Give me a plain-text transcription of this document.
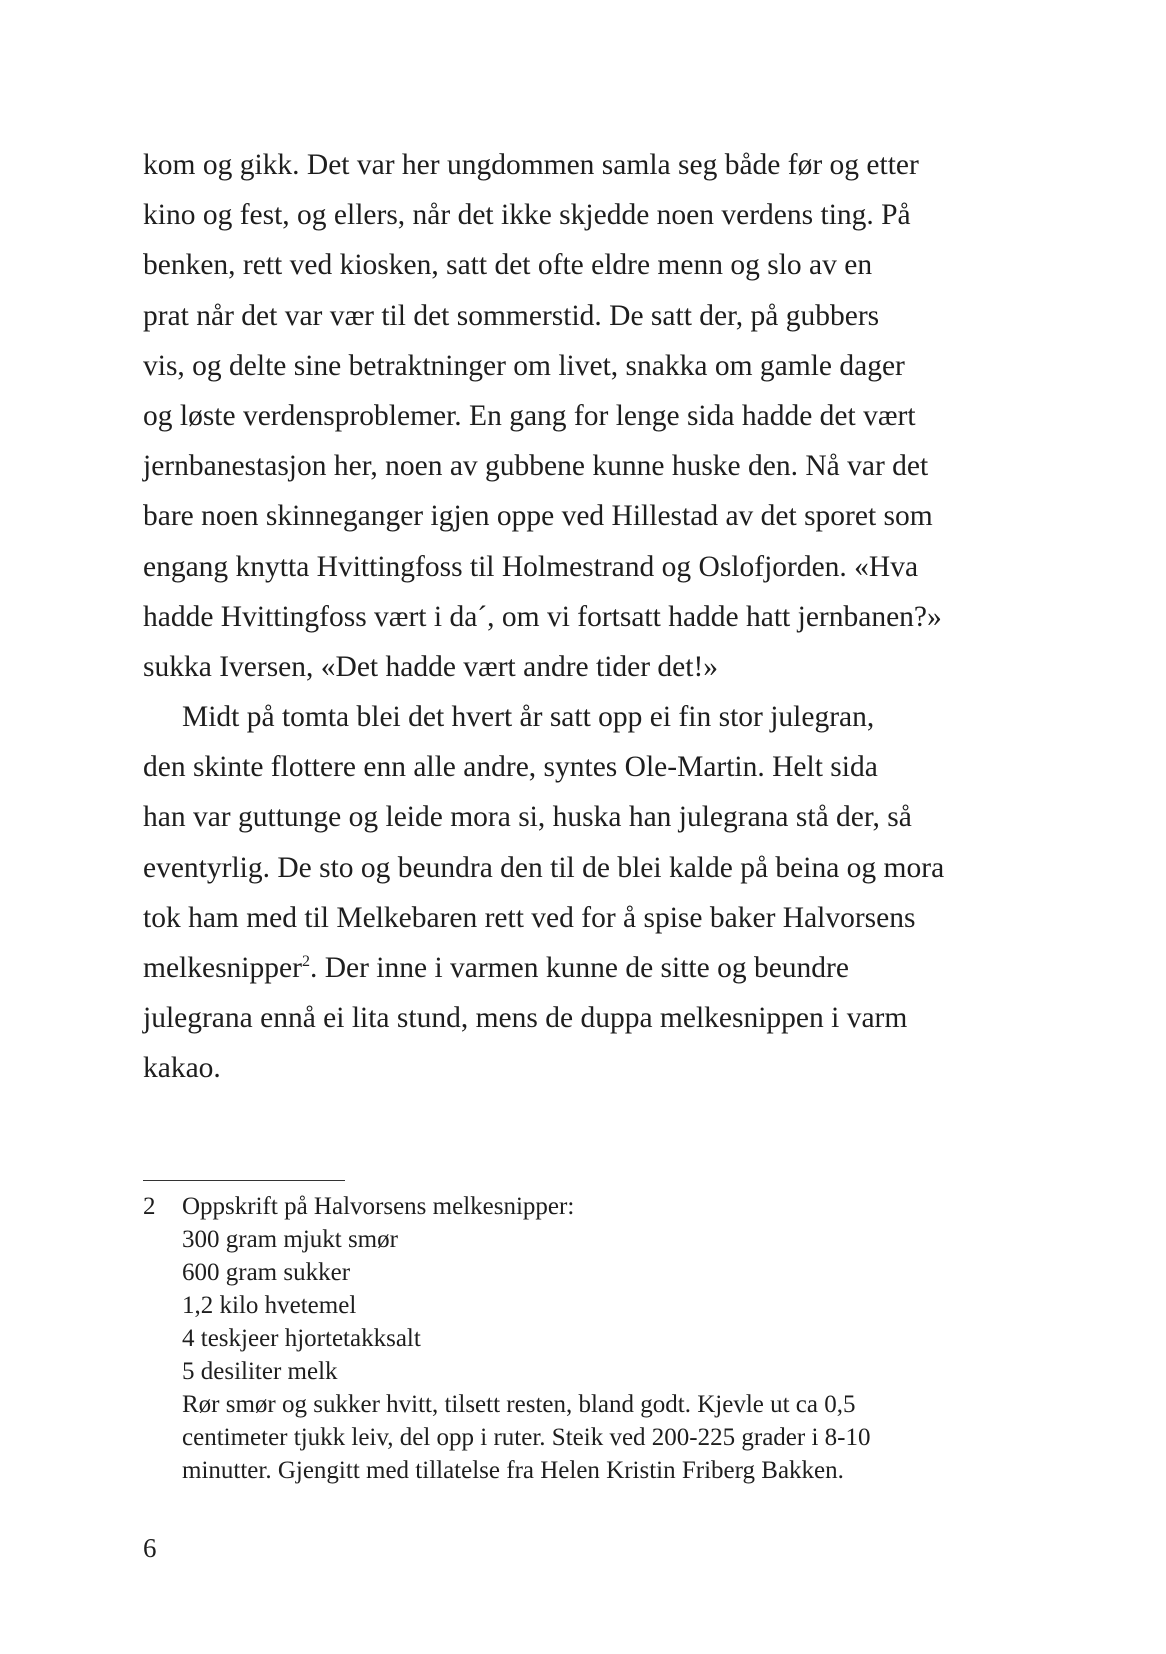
kom og gikk. Det var her ungdommen samla seg både før og etter
kino og fest, og ellers, når det ikke skjedde noen verdens ting. På
benken, rett ved kiosken, satt det ofte eldre menn og slo av en
prat når det var vær til det sommerstid. De satt der, på gubbers
vis, og delte sine betraktninger om livet, snakka om gamle dager
og løste verdensproblemer. En gang for lenge sida hadde det vært
jernbanestasjon her, noen av gubbene kunne huske den. Nå var det
bare noen skinneganger igjen oppe ved Hillestad av det sporet som
engang knytta Hvittingfoss til Holmestrand og Oslofjorden. «Hva
hadde Hvittingfoss vært i da´, om vi fortsatt hadde hatt jernbanen?»
sukka Iversen, «Det hadde vært andre tider det!»
Midt på tomta blei det hvert år satt opp ei fin stor julegran,
den skinte flottere enn alle andre, syntes Ole-Martin. Helt sida
han var guttunge og leide mora si, huska han julegrana stå der, så
eventyrlig. De sto og beundra den til de blei kalde på beina og mora
tok ham med til Melkebaren rett ved for å spise baker Halvorsens
melkesnipper$^2$. Der inne i varmen kunne de sitte og beundre
julegrana ennå ei lita stund, mens de duppa melkesnippen i varm
kakao.
2 Oppskrift på Halvorsens melkesnipper:
300 gram mjukt smør
600 gram sukker
1,2 kilo hvetemel
4 teskjeer hjortetakksalt
5 desiliter melk
Rør smør og sukker hvitt, tilsett resten, bland godt. Kjevle ut ca 0,5
centimeter tjukk leiv, del opp i ruter. Steik ved 200-225 grader i 8-10
minutter. Gjengitt med tillatelse fra Helen Kristin Friberg Bakken.
6
